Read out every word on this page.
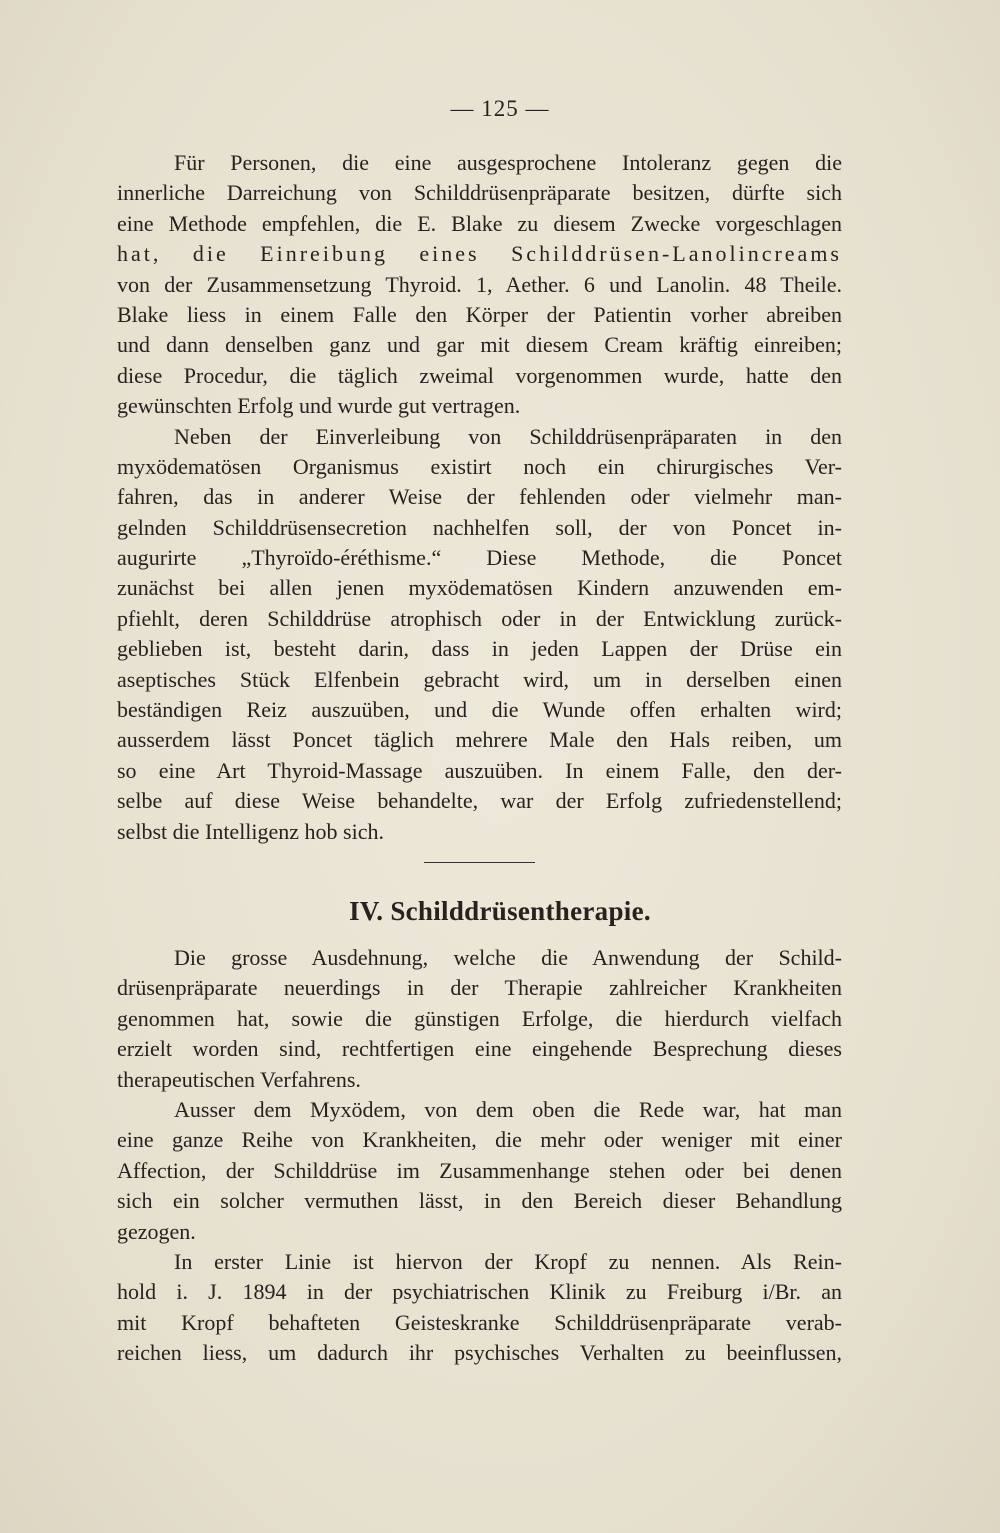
— 125 —
Für Personen, die eine ausgesprochene Intoleranz gegen die
innerliche Darreichung von Schilddrüsenpräparate besitzen, dürfte sich
eine Methode empfehlen, die E. Blake zu diesem Zwecke vorgeschlagen
hat, die Einreibung eines Schilddrüsen-Lanolincreams
von der Zusammensetzung Thyroid. 1, Aether. 6 und Lanolin. 48 Theile.
Blake liess in einem Falle den Körper der Patientin vorher abreiben
und dann denselben ganz und gar mit diesem Cream kräftig einreiben;
diese Procedur, die täglich zweimal vorgenommen wurde, hatte den
gewünschten Erfolg und wurde gut vertragen.
Neben der Einverleibung von Schilddrüsenpräparaten in den
myxödematösen Organismus existirt noch ein chirurgisches Ver-
fahren, das in anderer Weise der fehlenden oder vielmehr man-
gelnden Schilddrüsensecretion nachhelfen soll, der von Poncet in-
augurirte „Thyroïdo-éréthisme.“ Diese Methode, die Poncet
zunächst bei allen jenen myxödematösen Kindern anzuwenden em-
pfiehlt, deren Schilddrüse atrophisch oder in der Entwicklung zurück-
geblieben ist, besteht darin, dass in jeden Lappen der Drüse ein
aseptisches Stück Elfenbein gebracht wird, um in derselben einen
beständigen Reiz auszuüben, und die Wunde offen erhalten wird;
ausserdem lässt Poncet täglich mehrere Male den Hals reiben, um
so eine Art Thyroid-Massage auszuüben. In einem Falle, den der-
selbe auf diese Weise behandelte, war der Erfolg zufriedenstellend;
selbst die Intelligenz hob sich.
IV. Schilddrüsentherapie.
Die grosse Ausdehnung, welche die Anwendung der Schild-
drüsenpräparate neuerdings in der Therapie zahlreicher Krankheiten
genommen hat, sowie die günstigen Erfolge, die hierdurch vielfach
erzielt worden sind, rechtfertigen eine eingehende Besprechung dieses
therapeutischen Verfahrens.
Ausser dem Myxödem, von dem oben die Rede war, hat man
eine ganze Reihe von Krankheiten, die mehr oder weniger mit einer
Affection, der Schilddrüse im Zusammenhange stehen oder bei denen
sich ein solcher vermuthen lässt, in den Bereich dieser Behandlung
gezogen.
In erster Linie ist hiervon der Kropf zu nennen. Als Rein-
hold i. J. 1894 in der psychiatrischen Klinik zu Freiburg i/Br. an
mit Kropf behafteten Geisteskranke Schilddrüsenpräparate verab-
reichen liess, um dadurch ihr psychisches Verhalten zu beeinflussen,
